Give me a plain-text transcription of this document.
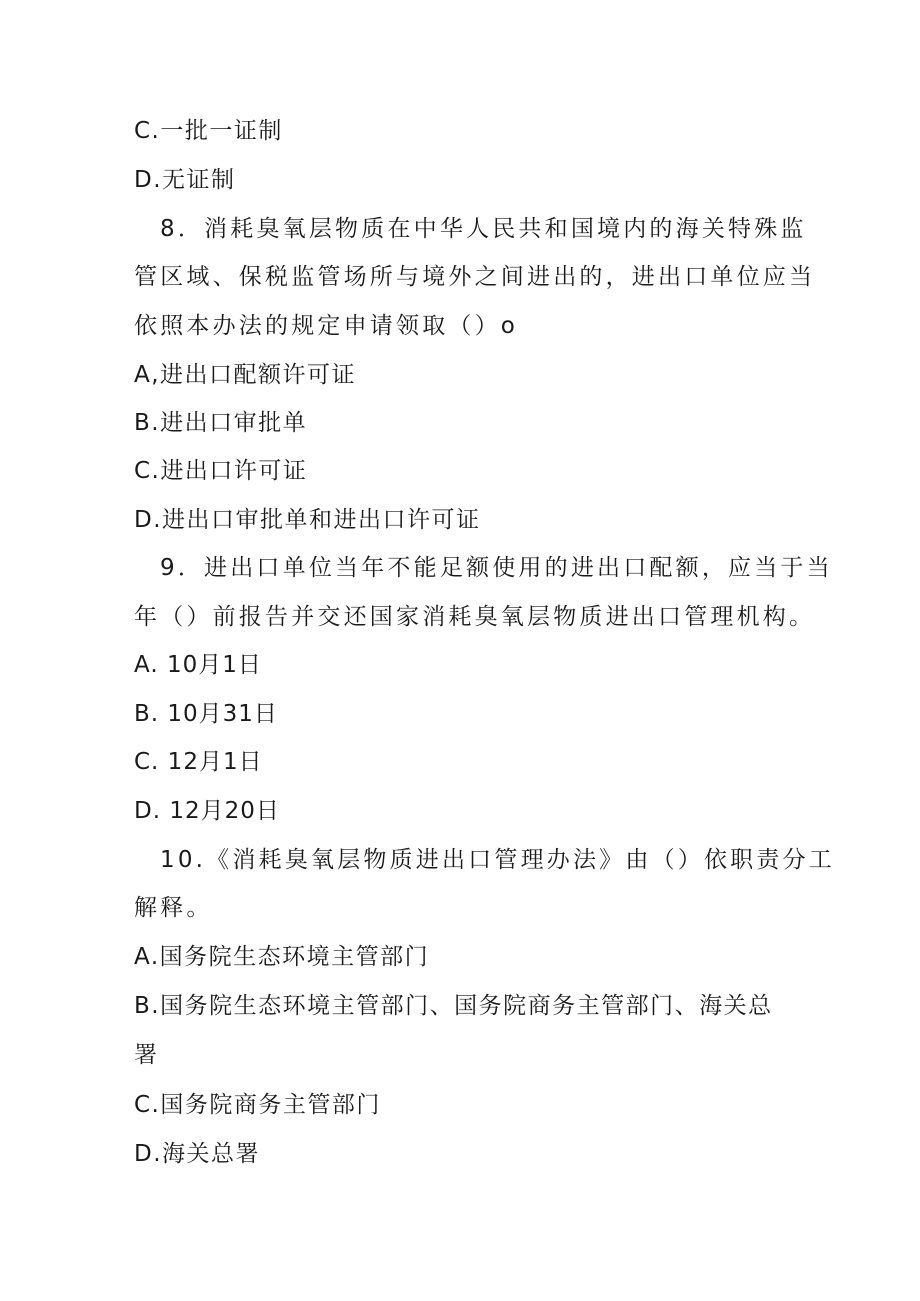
C.一批一证制
D.无证制
8．消耗臭氧层物质在中华人民共和国境内的海关特殊监
管区域、保税监管场所与境外之间进出的，进出口单位应当
依照本办法的规定申请领取（）o
A,进出口配额许可证
B.进出口审批单
C.进出口许可证
D.进出口审批单和进出口许可证
9．进出口单位当年不能足额使用的进出口配额，应当于当
年（）前报告并交还国家消耗臭氧层物质进出口管理机构。
A. 10月1日
B. 10月31日
C. 12月1日
D. 12月20日
10.《消耗臭氧层物质进出口管理办法》由（）依职责分工
解释。
A.国务院生态环境主管部门
B.国务院生态环境主管部门、国务院商务主管部门、海关总
署
C.国务院商务主管部门
D.海关总署
